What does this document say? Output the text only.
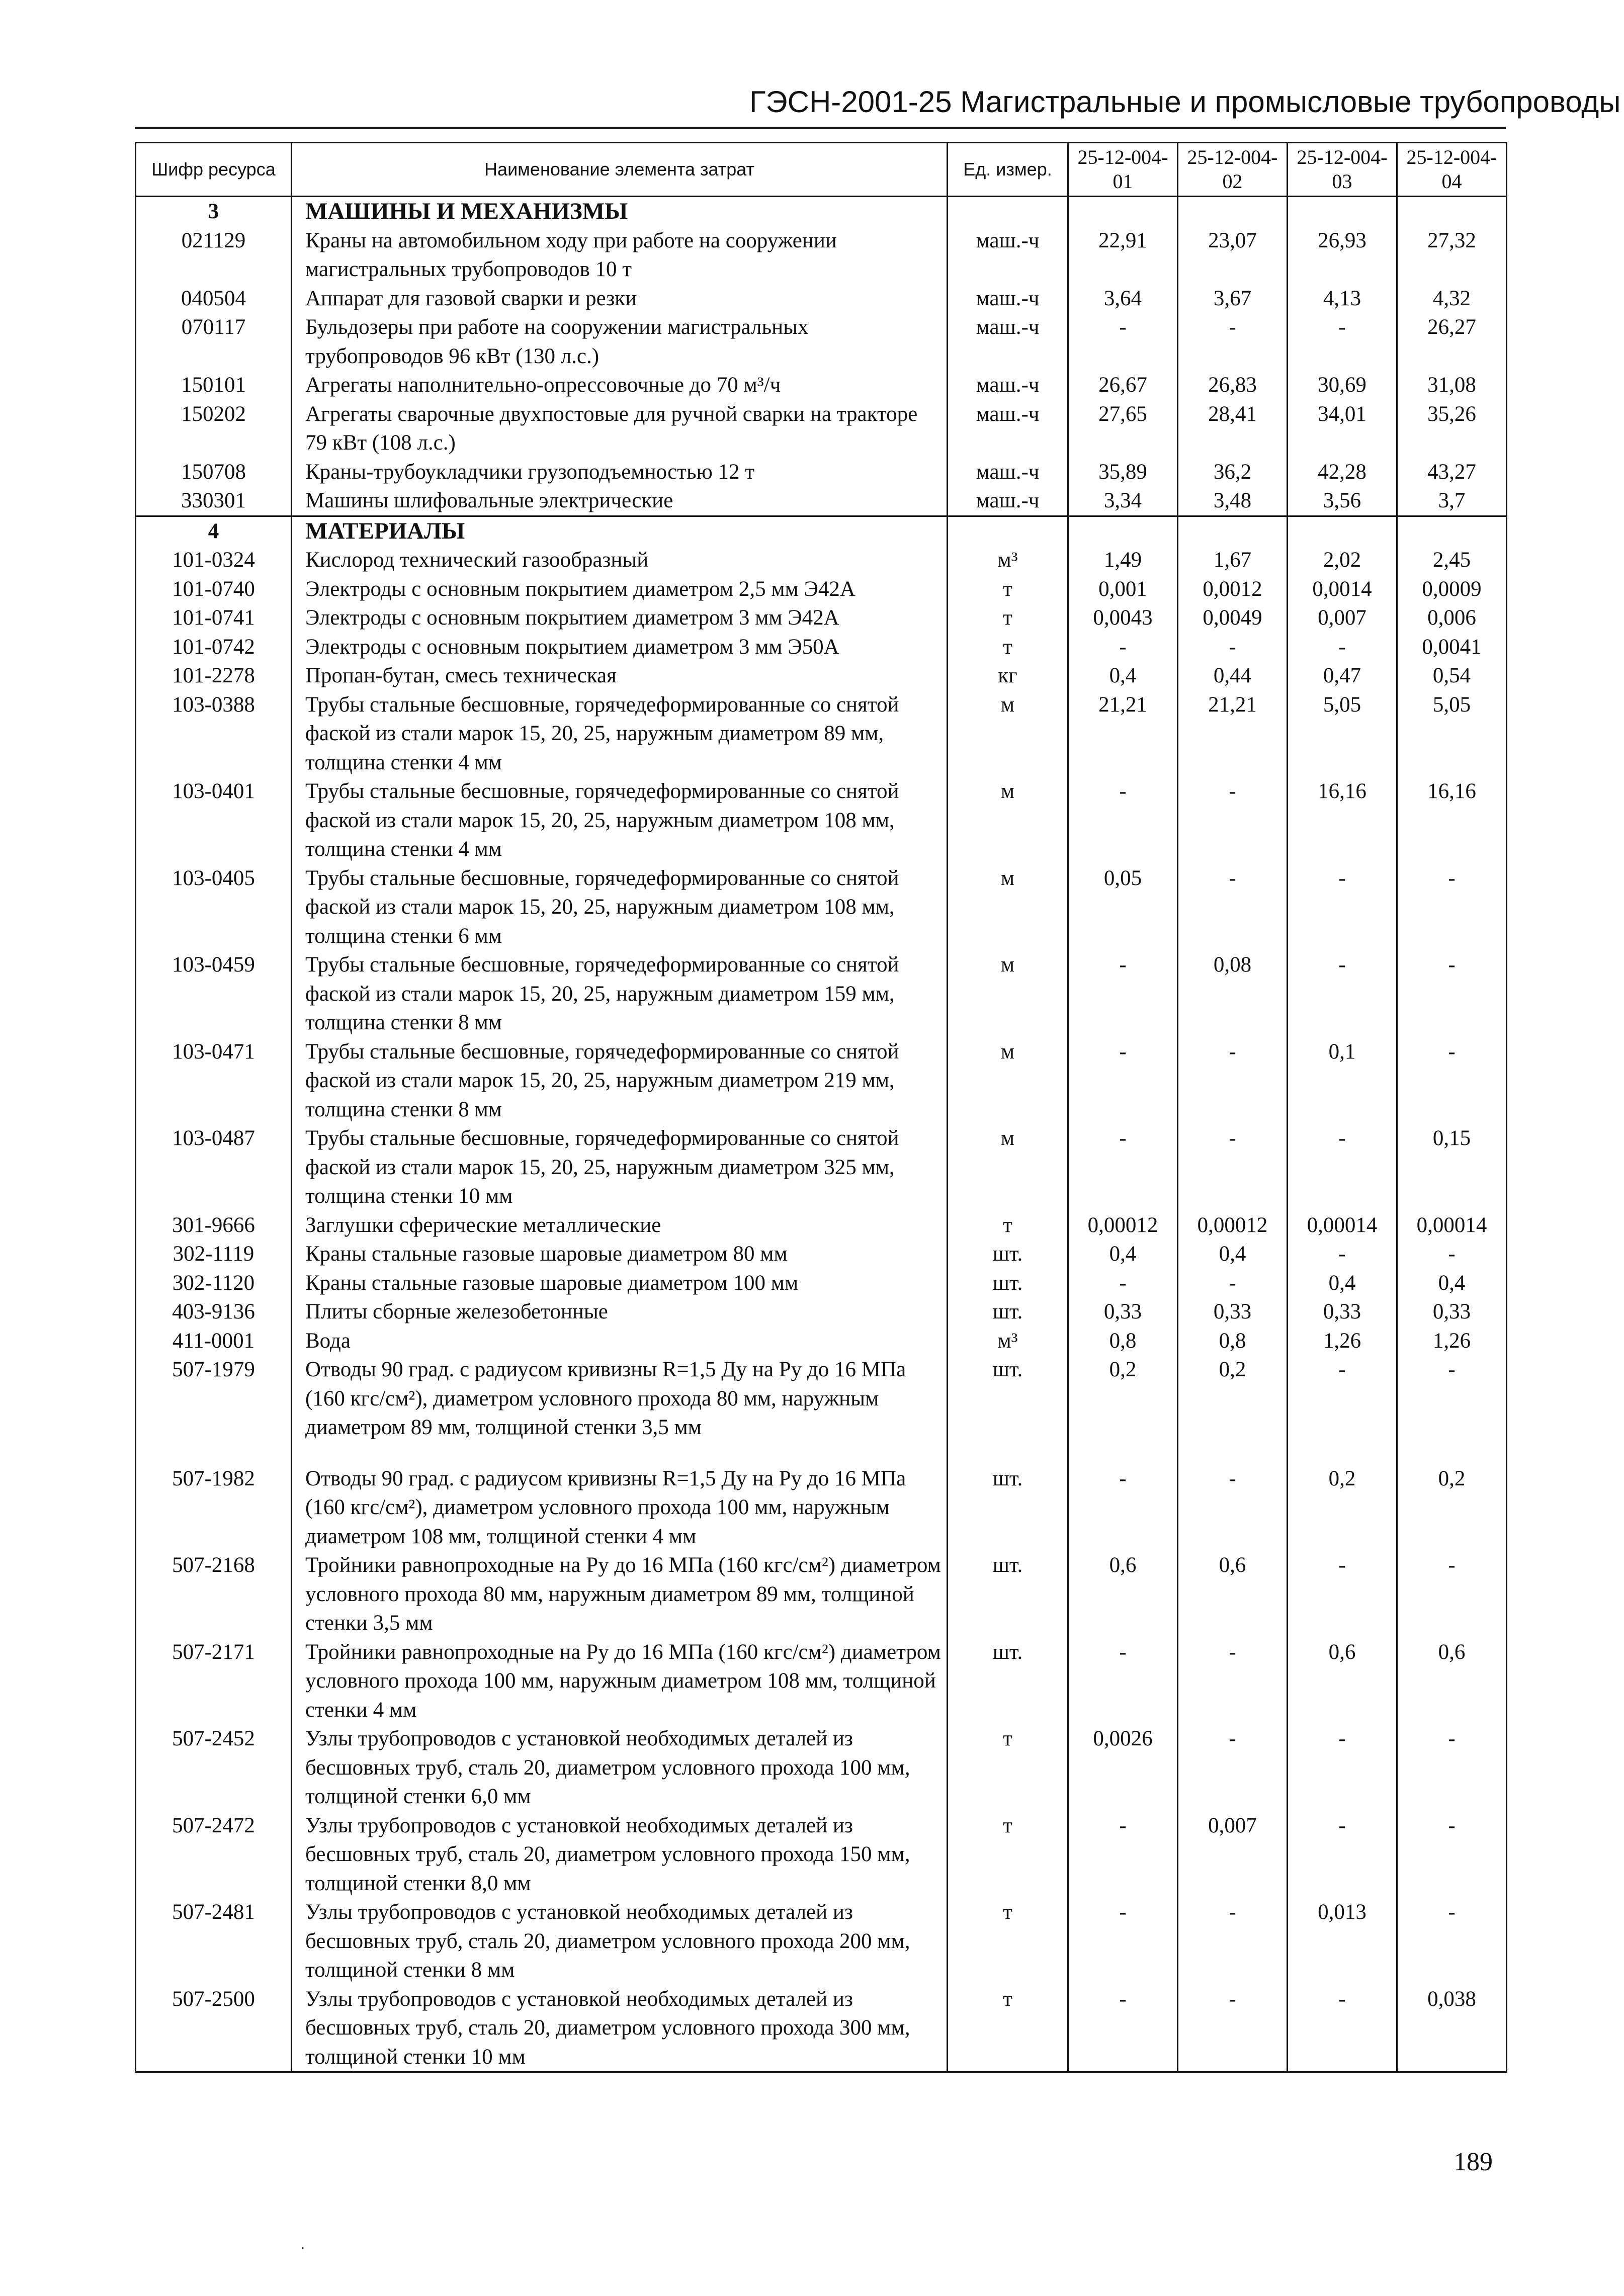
ГЭСН-2001-25 Магистральные и промысловые трубопроводы
Шифр ресурса	Наименование элемента затрат	Ед. измер.	25-12-004-01	25-12-004-02	25-12-004-03	25-12-004-04
3	МАШИНЫ И МЕХАНИЗМЫ					
021129	Краны на автомобильном ходу при работе на сооружении магистральных трубопроводов 10 т	маш.-ч	22,91	23,07	26,93	27,32
040504	Аппарат для газовой сварки и резки	маш.-ч	3,64	3,67	4,13	4,32
070117	Бульдозеры при работе на сооружении магистральных трубопроводов 96 кВт (130 л.с.)	маш.-ч	-	-	-	26,27
150101	Агрегаты наполнительно-опрессовочные до 70 м³/ч	маш.-ч	26,67	26,83	30,69	31,08
150202	Агрегаты сварочные двухпостовые для ручной сварки на тракторе 79 кВт (108 л.с.)	маш.-ч	27,65	28,41	34,01	35,26
150708	Краны-трубоукладчики грузоподъемностью 12 т	маш.-ч	35,89	36,2	42,28	43,27
330301	Машины шлифовальные электрические	маш.-ч	3,34	3,48	3,56	3,7
4	МАТЕРИАЛЫ					
101-0324	Кислород технический газообразный	м³	1,49	1,67	2,02	2,45
101-0740	Электроды с основным покрытием диаметром 2,5 мм Э42А	т	0,001	0,0012	0,0014	0,0009
101-0741	Электроды с основным покрытием диаметром 3 мм Э42А	т	0,0043	0,0049	0,007	0,006
101-0742	Электроды с основным покрытием диаметром 3 мм Э50А	т	-	-	-	0,0041
101-2278	Пропан-бутан, смесь техническая	кг	0,4	0,44	0,47	0,54
103-0388	Трубы стальные бесшовные, горячедеформированные со снятой фаской из стали марок 15, 20, 25, наружным диаметром 89 мм, толщина стенки 4 мм	м	21,21	21,21	5,05	5,05
103-0401	Трубы стальные бесшовные, горячедеформированные со снятой фаской из стали марок 15, 20, 25, наружным диаметром 108 мм, толщина стенки 4 мм	м	-	-	16,16	16,16
103-0405	Трубы стальные бесшовные, горячедеформированные со снятой фаской из стали марок 15, 20, 25, наружным диаметром 108 мм, толщина стенки 6 мм	м	0,05	-	-	-
103-0459	Трубы стальные бесшовные, горячедеформированные со снятой фаской из стали марок 15, 20, 25, наружным диаметром 159 мм, толщина стенки 8 мм	м	-	0,08	-	-
103-0471	Трубы стальные бесшовные, горячедеформированные со снятой фаской из стали марок 15, 20, 25, наружным диаметром 219 мм, толщина стенки 8 мм	м	-	-	0,1	-
103-0487	Трубы стальные бесшовные, горячедеформированные со снятой фаской из стали марок 15, 20, 25, наружным диаметром 325 мм, толщина стенки 10 мм	м	-	-	-	0,15
301-9666	Заглушки сферические металлические	т	0,00012	0,00012	0,00014	0,00014
302-1119	Краны стальные газовые шаровые диаметром 80 мм	шт.	0,4	0,4	-	-
302-1120	Краны стальные газовые шаровые диаметром 100 мм	шт.	-	-	0,4	0,4
403-9136	Плиты сборные железобетонные	шт.	0,33	0,33	0,33	0,33
411-0001	Вода	м³	0,8	0,8	1,26	1,26
507-1979	Отводы 90 град. с радиусом кривизны R=1,5 Ду на Ру до 16 МПа (160 кгс/см²), диаметром условного прохода 80 мм, наружным диаметром 89 мм, толщиной стенки 3,5 мм	шт.	0,2	0,2	-	-

507-1982	Отводы 90 град. с радиусом кривизны R=1,5 Ду на Ру до 16 МПа (160 кгс/см²), диаметром условного прохода 100 мм, наружным диаметром 108 мм, толщиной стенки 4 мм	шт.	-	-	0,2	0,2
507-2168	Тройники равнопроходные на Ру до 16 МПа (160 кгс/см²) диаметром условного прохода 80 мм, наружным диаметром 89 мм, толщиной стенки 3,5 мм	шт.	0,6	0,6	-	-
507-2171	Тройники равнопроходные на Ру до 16 МПа (160 кгс/см²) диаметром условного прохода 100 мм, наружным диаметром 108 мм, толщиной стенки 4 мм	шт.	-	-	0,6	0,6
507-2452	Узлы трубопроводов с установкой необходимых деталей из бесшовных труб, сталь 20, диаметром условного прохода 100 мм, толщиной стенки 6,0 мм	т	0,0026	-	-	-
507-2472	Узлы трубопроводов с установкой необходимых деталей из бесшовных труб, сталь 20, диаметром условного прохода 150 мм, толщиной стенки 8,0 мм	т	-	0,007	-	-
507-2481	Узлы трубопроводов с установкой необходимых деталей из бесшовных труб, сталь 20, диаметром условного прохода 200 мм, толщиной стенки 8 мм	т	-	-	0,013	-
507-2500	Узлы трубопроводов с установкой необходимых деталей из бесшовных труб, сталь 20, диаметром условного прохода 300 мм, толщиной стенки 10 мм	т	-	-	-	0,038
189
.
